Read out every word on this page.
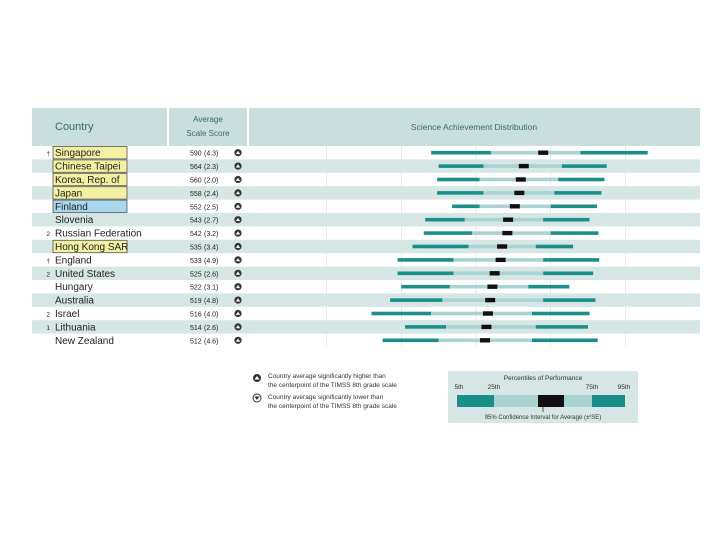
Country
Average
Scale Score
Science Achievement Distribution
† Singapore	590 (4.3)
Chinese Taipei	564 (2.3)
Korea, Rep. of	560 (2.0)
Japan	558 (2.4)
Finland	552 (2.5)
Slovenia	543 (2.7)
2 Russian Federation	542 (3.2)
Hong Kong SAR	535 (3.4)
† England	533 (4.9)
2 United States	525 (2.6)
Hungary	522 (3.1)
Australia	519 (4.8)
2 Israel	516 (4.0)
1 Lithuania	514 (2.6)
New Zealand	512 (4.6)
Country average significantly higher than
the centerpoint of the TIMSS 8th grade scale
Country average significantly lower than
the centerpoint of the TIMSS 8th grade scale
Percentiles of Performance
5th	25th	75th	95th
95% Confidence Interval for Average (±²SE)
